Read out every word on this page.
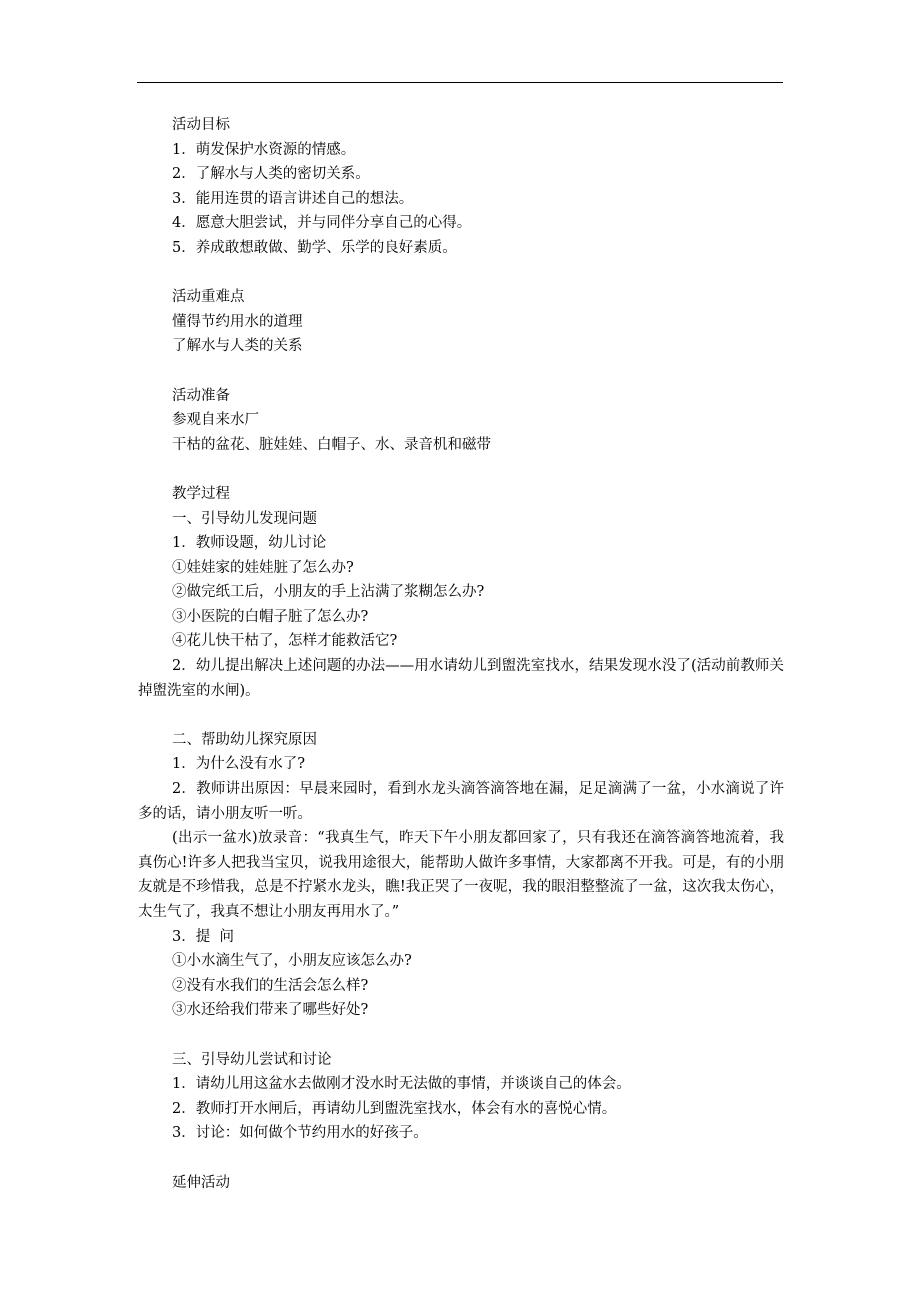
活动目标

1．萌发保护水资源的情感。

2．了解水与人类的密切关系。

3．能用连贯的语言讲述自己的想法。

4．愿意大胆尝试，并与同伴分享自己的心得。

5．养成敢想敢做、勤学、乐学的良好素质。

活动重难点

懂得节约用水的道理

了解水与人类的关系

活动准备

参观自来水厂

干枯的盆花、脏娃娃、白帽子、水、录音机和磁带

教学过程

一、引导幼儿发现问题

1．教师设题，幼儿讨论

①娃娃家的娃娃脏了怎么办?

②做完纸工后，小朋友的手上沾满了浆糊怎么办?

③小医院的白帽子脏了怎么办?

④花儿快干枯了，怎样才能救活它?

2．幼儿提出解决上述问题的办法——用水请幼儿到盥洗室找水，结果发现水没了(活动前教师关掉盥洗室的水闸)。

二、帮助幼儿探究原因

1．为什么没有水了?

2．教师讲出原因：早晨来园时，看到水龙头滴答滴答地在漏，足足滴满了一盆，小水滴说了许多的话，请小朋友听一听。

(出示一盆水)放录音：“我真生气，昨天下午小朋友都回家了，只有我还在滴答滴答地流着，我真伤心!许多人把我当宝贝，说我用途很大，能帮助人做许多事情，大家都离不开我。可是，有的小朋友就是不珍惜我，总是不拧紧水龙头，瞧!我正哭了一夜呢，我的眼泪整整流了一盆，这次我太伤心，太生气了，我真不想让小朋友再用水了。”

3．提  问

①小水滴生气了，小朋友应该怎么办?

②没有水我们的生活会怎么样?

③水还给我们带来了哪些好处?

三、引导幼儿尝试和讨论

1．请幼儿用这盆水去做刚才没水时无法做的事情，并谈谈自己的体会。

2．教师打开水闸后，再请幼儿到盥洗室找水，体会有水的喜悦心情。

3．讨论：如何做个节约用水的好孩子。

延伸活动
